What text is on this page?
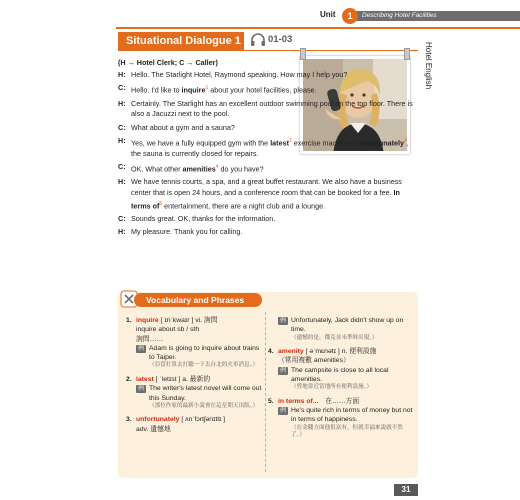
Unit	1	Describing Hotel Facilities
Situational Dialogue 1	01-03
Hotel English
(H → Hotel Clerk; C → Caller)
H: Hello. The Starlight Hotel, Raymond speaking. How may I help you?
C: Hello. I'd like to inquire$^1$ about your hotel facilities, please.
H: Certainly. The Starlight has an excellent outdoor swimming pool on the top floor. There is also a Jacuzzi next to the pool.
C: What about a gym and a sauna?
H: Yes, we have a fully equipped gym with the latest$^2$ exercise machines. Unfortunately$^3$, the sauna is currently closed for repairs.
C: OK. What other amenities$^4$ do you have?
H: We have tennis courts, a spa, and a great buffet restaurant. We also have a business center that is open 24 hours, and a conference room that can be booked for a fee. In terms $of^5$ entertainment, there are a night club and a lounge.
C: Sounds great. OK, thanks for the information.
H: My pleasure. Thank you for calling.
Vocabulary and Phrases
1. inquire [ ɪnˈkwaɪr ] vi. 詢問
inquire about sb / sth
詢問……
例 Adam is going to inquire about trains to Taipei.
（亞當打算去打聽一下去台北的火車消息。）
2. latest [ ˈletɪst ] a. 最新的
例 The writer's latest novel will come out this Sunday.
（那位作家的最新小說會在這星期天出版。）
3. unfortunately [ ʌnˈfɔrtʃənɪtlɪ ]
adv. 遺憾地
例 Unfortunately, Jack didn't show up on time.
（遺憾的是，傑克並未準時出現。）
4. amenity [ əˈmɛnətɪ ] n. 便利設施
（常用複數 amenities）
例 The campsite is close to all local amenities.
（營地靠近當地所有便利設施。）
5. in terms of...　在……方面
例 He's quite rich in terms of money but not in terms of happiness.
（在金錢方面他很富有，但就幸福來說就不然了。）
31
